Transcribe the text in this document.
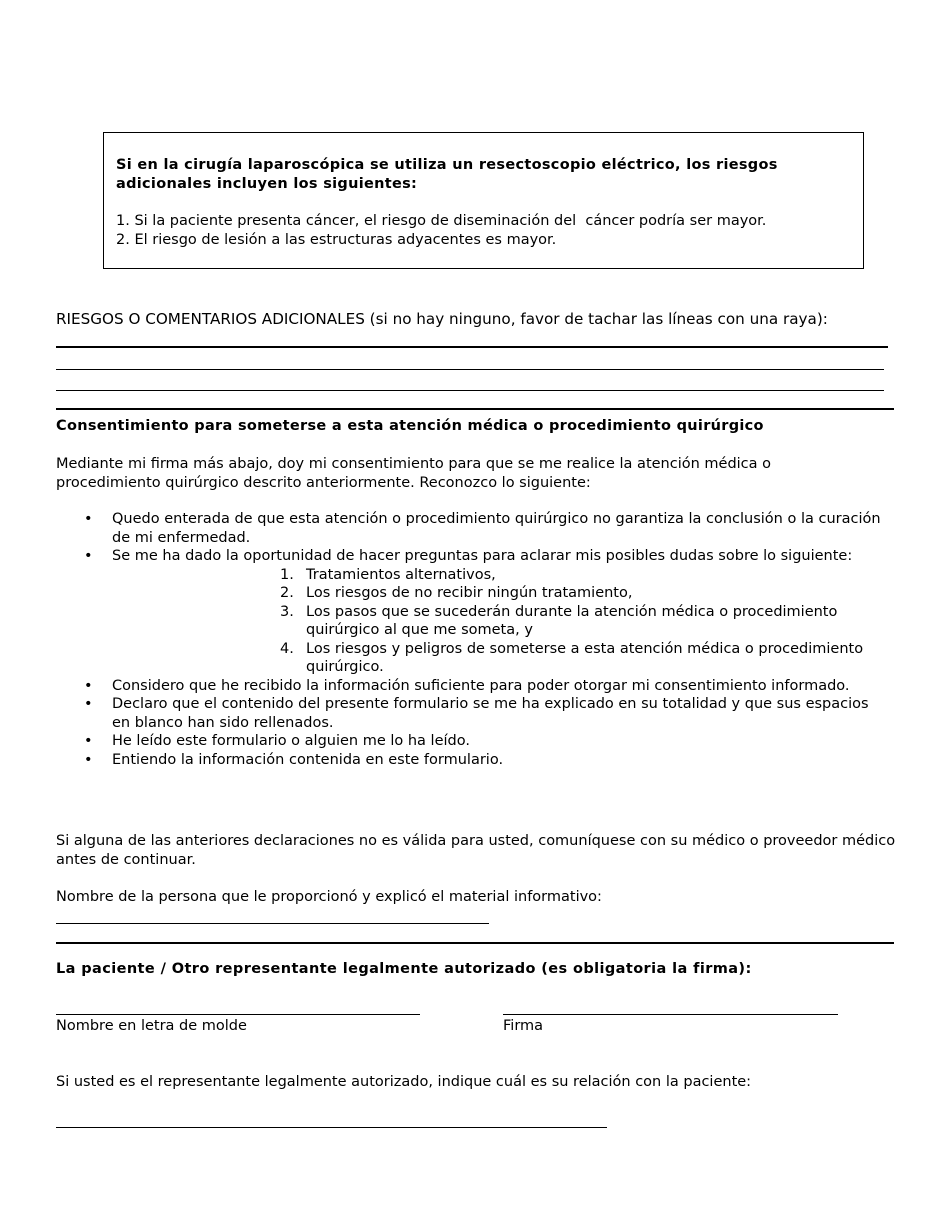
Si en la cirugía laparoscópica se utiliza un resectoscopio eléctrico, los riesgos adicionales incluyen los siguientes:
1. Si la paciente presenta cáncer, el riesgo de diseminación del  cáncer podría ser mayor.
2. El riesgo de lesión a las estructuras adyacentes es mayor.
RIESGOS O COMENTARIOS ADICIONALES (si no hay ninguno, favor de tachar las líneas con una raya):
Consentimiento para someterse a esta atención médica o procedimiento quirúrgico
Mediante mi firma más abajo, doy mi consentimiento para que se me realice la atención médica o procedimiento quirúrgico descrito anteriormente. Reconozco lo siguiente:
• Quedo enterada de que esta atención o procedimiento quirúrgico no garantiza la conclusión o la curación de mi enfermedad.
• Se me ha dado la oportunidad de hacer preguntas para aclarar mis posibles dudas sobre lo siguiente:
1. Tratamientos alternativos,
2. Los riesgos de no recibir ningún tratamiento,
3. Los pasos que se sucederán durante la atención médica o procedimiento quirúrgico al que me someta, y
4. Los riesgos y peligros de someterse a esta atención médica o procedimiento quirúrgico.
• Considero que he recibido la información suficiente para poder otorgar mi consentimiento informado.
• Declaro que el contenido del presente formulario se me ha explicado en su totalidad y que sus espacios en blanco han sido rellenados.
• He leído este formulario o alguien me lo ha leído.
• Entiendo la información contenida en este formulario.
Si alguna de las anteriores declaraciones no es válida para usted, comuníquese con su médico o proveedor médico antes de continuar.
Nombre de la persona que le proporcionó y explicó el material informativo:
La paciente / Otro representante legalmente autorizado (es obligatoria la firma):
Nombre en letra de molde	Firma
Si usted es el representante legalmente autorizado, indique cuál es su relación con la paciente:
